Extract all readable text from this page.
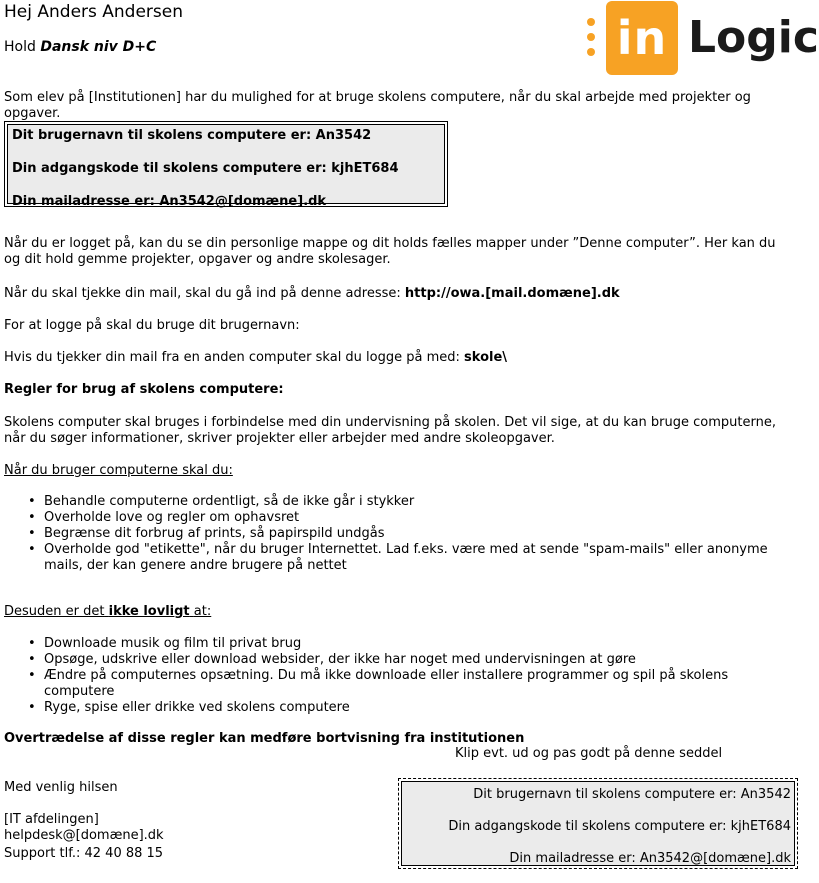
Hej Anders Andersen
Hold Dansk niv D+C	in Logic
Som elev på [Institutionen] har du mulighed for at bruge skolens computere, når du skal arbejde med projekter og opgaver.
Dit brugernavn til skolens computere er: An3542
Din adgangskode til skolens computere er: kjhET684
Din mailadresse er: An3542@[domæne].dk
Når du er logget på, kan du se din personlige mappe og dit holds fælles mapper under ”Denne computer”. Her kan du og dit hold gemme projekter, opgaver og andre skolesager.
Når du skal tjekke din mail, skal du gå ind på denne adresse: http://owa.[mail.domæne].dk
For at logge på skal du bruge dit brugernavn:
Hvis du tjekker din mail fra en anden computer skal du logge på med: skole\
Regler for brug af skolens computere:
Skolens computer skal bruges i forbindelse med din undervisning på skolen. Det vil sige, at du kan bruge computerne, når du søger informationer, skriver projekter eller arbejder med andre skoleopgaver.
Når du bruger computerne skal du:
• Behandle computerne ordentligt, så de ikke går i stykker
• Overholde love og regler om ophavsret
• Begrænse dit forbrug af prints, så papirspild undgås
• Overholde god "etikette", når du bruger Internettet. Lad f.eks. være med at sende "spam-mails" eller anonyme mails, der kan genere andre brugere på nettet
Desuden er det ikke lovligt at:
• Downloade musik og film til privat brug
• Opsøge, udskrive eller download websider, der ikke har noget med undervisningen at gøre
• Ændre på computernes opsætning. Du må ikke downloade eller installere programmer og spil på skolens computere
• Ryge, spise eller drikke ved skolens computere
Overtrædelse af disse regler kan medføre bortvisning fra institutionen
Klip evt. ud og pas godt på denne seddel
Med venlig hilsen
[IT afdelingen]
helpdesk@[domæne].dk
Support tlf.: 42 40 88 15
Dit brugernavn til skolens computere er: An3542
Din adgangskode til skolens computere er: kjhET684
Din mailadresse er: An3542@[domæne].dk
